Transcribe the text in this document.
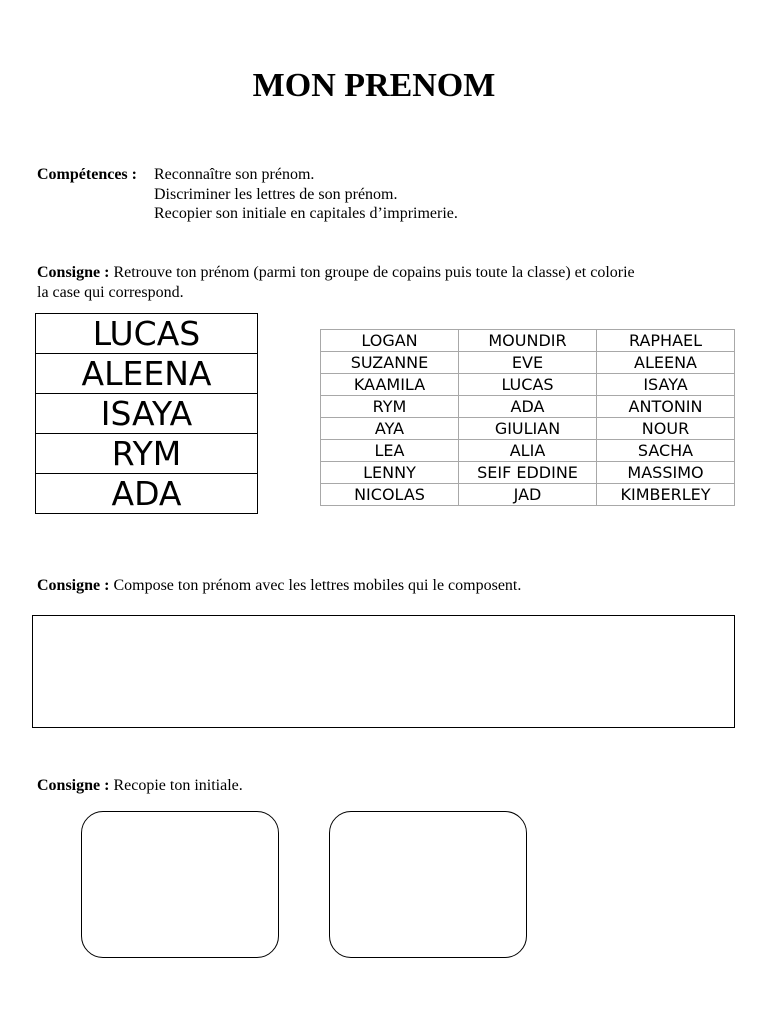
MON PRENOM
Compétences : Reconnaître son prénom.
Discriminer les lettres de son prénom.
Recopier son initiale en capitales d’imprimerie.
Consigne : Retrouve ton prénom (parmi ton groupe de copains puis toute la classe) et colorie
la case qui correspond.
LUCAS
ALEENA
ISAYA
RYM
ADA
LOGAN	MOUNDIR	RAPHAEL
SUZANNE	EVE	ALEENA
KAAMILA	LUCAS	ISAYA
RYM	ADA	ANTONIN
AYA	GIULIAN	NOUR
LEA	ALIA	SACHA
LENNY	SEIF EDDINE	MASSIMO
NICOLAS	JAD	KIMBERLEY
Consigne : Compose ton prénom avec les lettres mobiles qui le composent.
Consigne : Recopie ton initiale.
